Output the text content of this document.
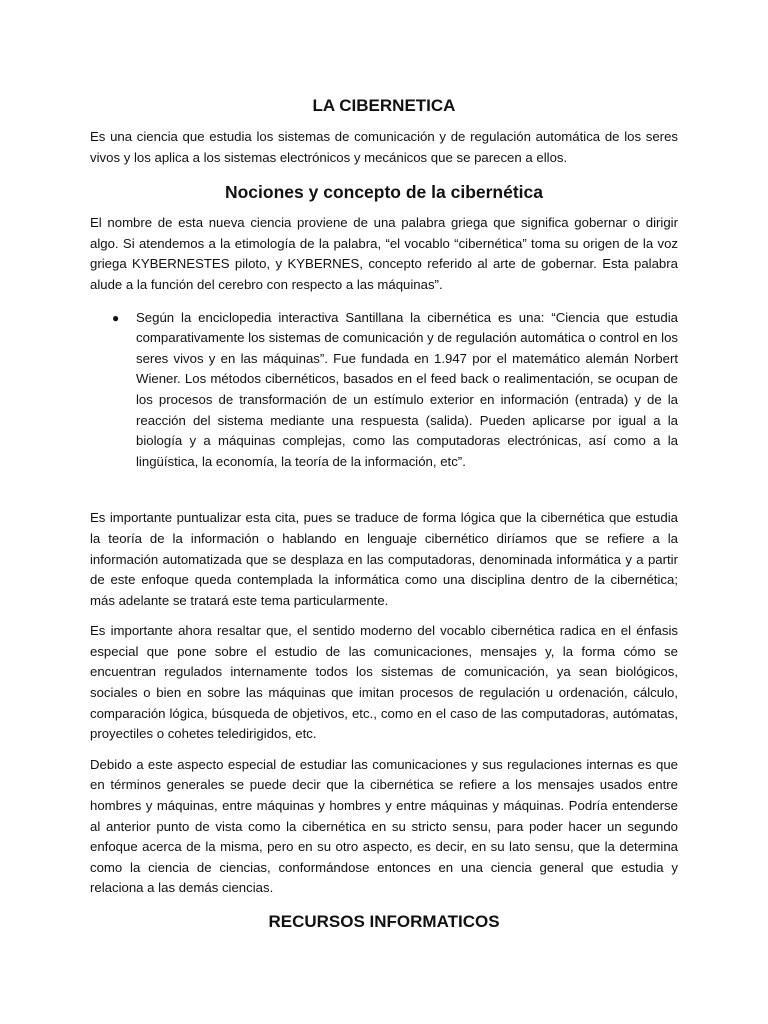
LA CIBERNETICA

Es una ciencia que estudia los sistemas de comunicación y de regulación automática de los seres vivos y los aplica a los sistemas electrónicos y mecánicos que se parecen a ellos.

Nociones y concepto de la cibernética

El nombre de esta nueva ciencia proviene de una palabra griega que significa gobernar o dirigir algo. Si atendemos a la etimología de la palabra, “el vocablo “cibernética” toma su origen de la voz griega KYBERNESTES piloto, y KYBERNES, concepto referido al arte de gobernar. Esta palabra alude a la función del cerebro con respecto a las máquinas”.

● Según la enciclopedia interactiva Santillana la cibernética es una: “Ciencia que estudia comparativamente los sistemas de comunicación y de regulación automática o control en los seres vivos y en las máquinas”. Fue fundada en 1.947 por el matemático alemán Norbert Wiener. Los métodos cibernéticos, basados en el feed back o realimentación, se ocupan de los procesos de transformación de un estímulo exterior en información (entrada) y de la reacción del sistema mediante una respuesta (salida). Pueden aplicarse por igual a la biología y a máquinas complejas, como las computadoras electrónicas, así como a la lingüística, la economía, la teoría de la información, etc”.

Es importante puntualizar esta cita, pues se traduce de forma lógica que la cibernética que estudia la teoría de la información o hablando en lenguaje cibernético diríamos que se refiere a la información automatizada que se desplaza en las computadoras, denominada informática y a partir de este enfoque queda contemplada la informática como una disciplina dentro de la cibernética; más adelante se tratará este tema particularmente.

Es importante ahora resaltar que, el sentido moderno del vocablo cibernética radica en el énfasis especial que pone sobre el estudio de las comunicaciones, mensajes y, la forma cómo se encuentran regulados internamente todos los sistemas de comunicación, ya sean biológicos, sociales o bien en sobre las máquinas que imitan procesos de regulación u ordenación, cálculo, comparación lógica, búsqueda de objetivos, etc., como en el caso de las computadoras, autómatas, proyectiles o cohetes teledirigidos, etc.

Debido a este aspecto especial de estudiar las comunicaciones y sus regulaciones internas es que en términos generales se puede decir que la cibernética se refiere a los mensajes usados entre hombres y máquinas, entre máquinas y hombres y entre máquinas y máquinas. Podría entenderse al anterior punto de vista como la cibernética en su stricto sensu, para poder hacer un segundo enfoque acerca de la misma, pero en su otro aspecto, es decir, en su lato sensu, que la determina como la ciencia de ciencias, conformándose entonces en una ciencia general que estudia y relaciona a las demás ciencias.

RECURSOS INFORMATICOS
